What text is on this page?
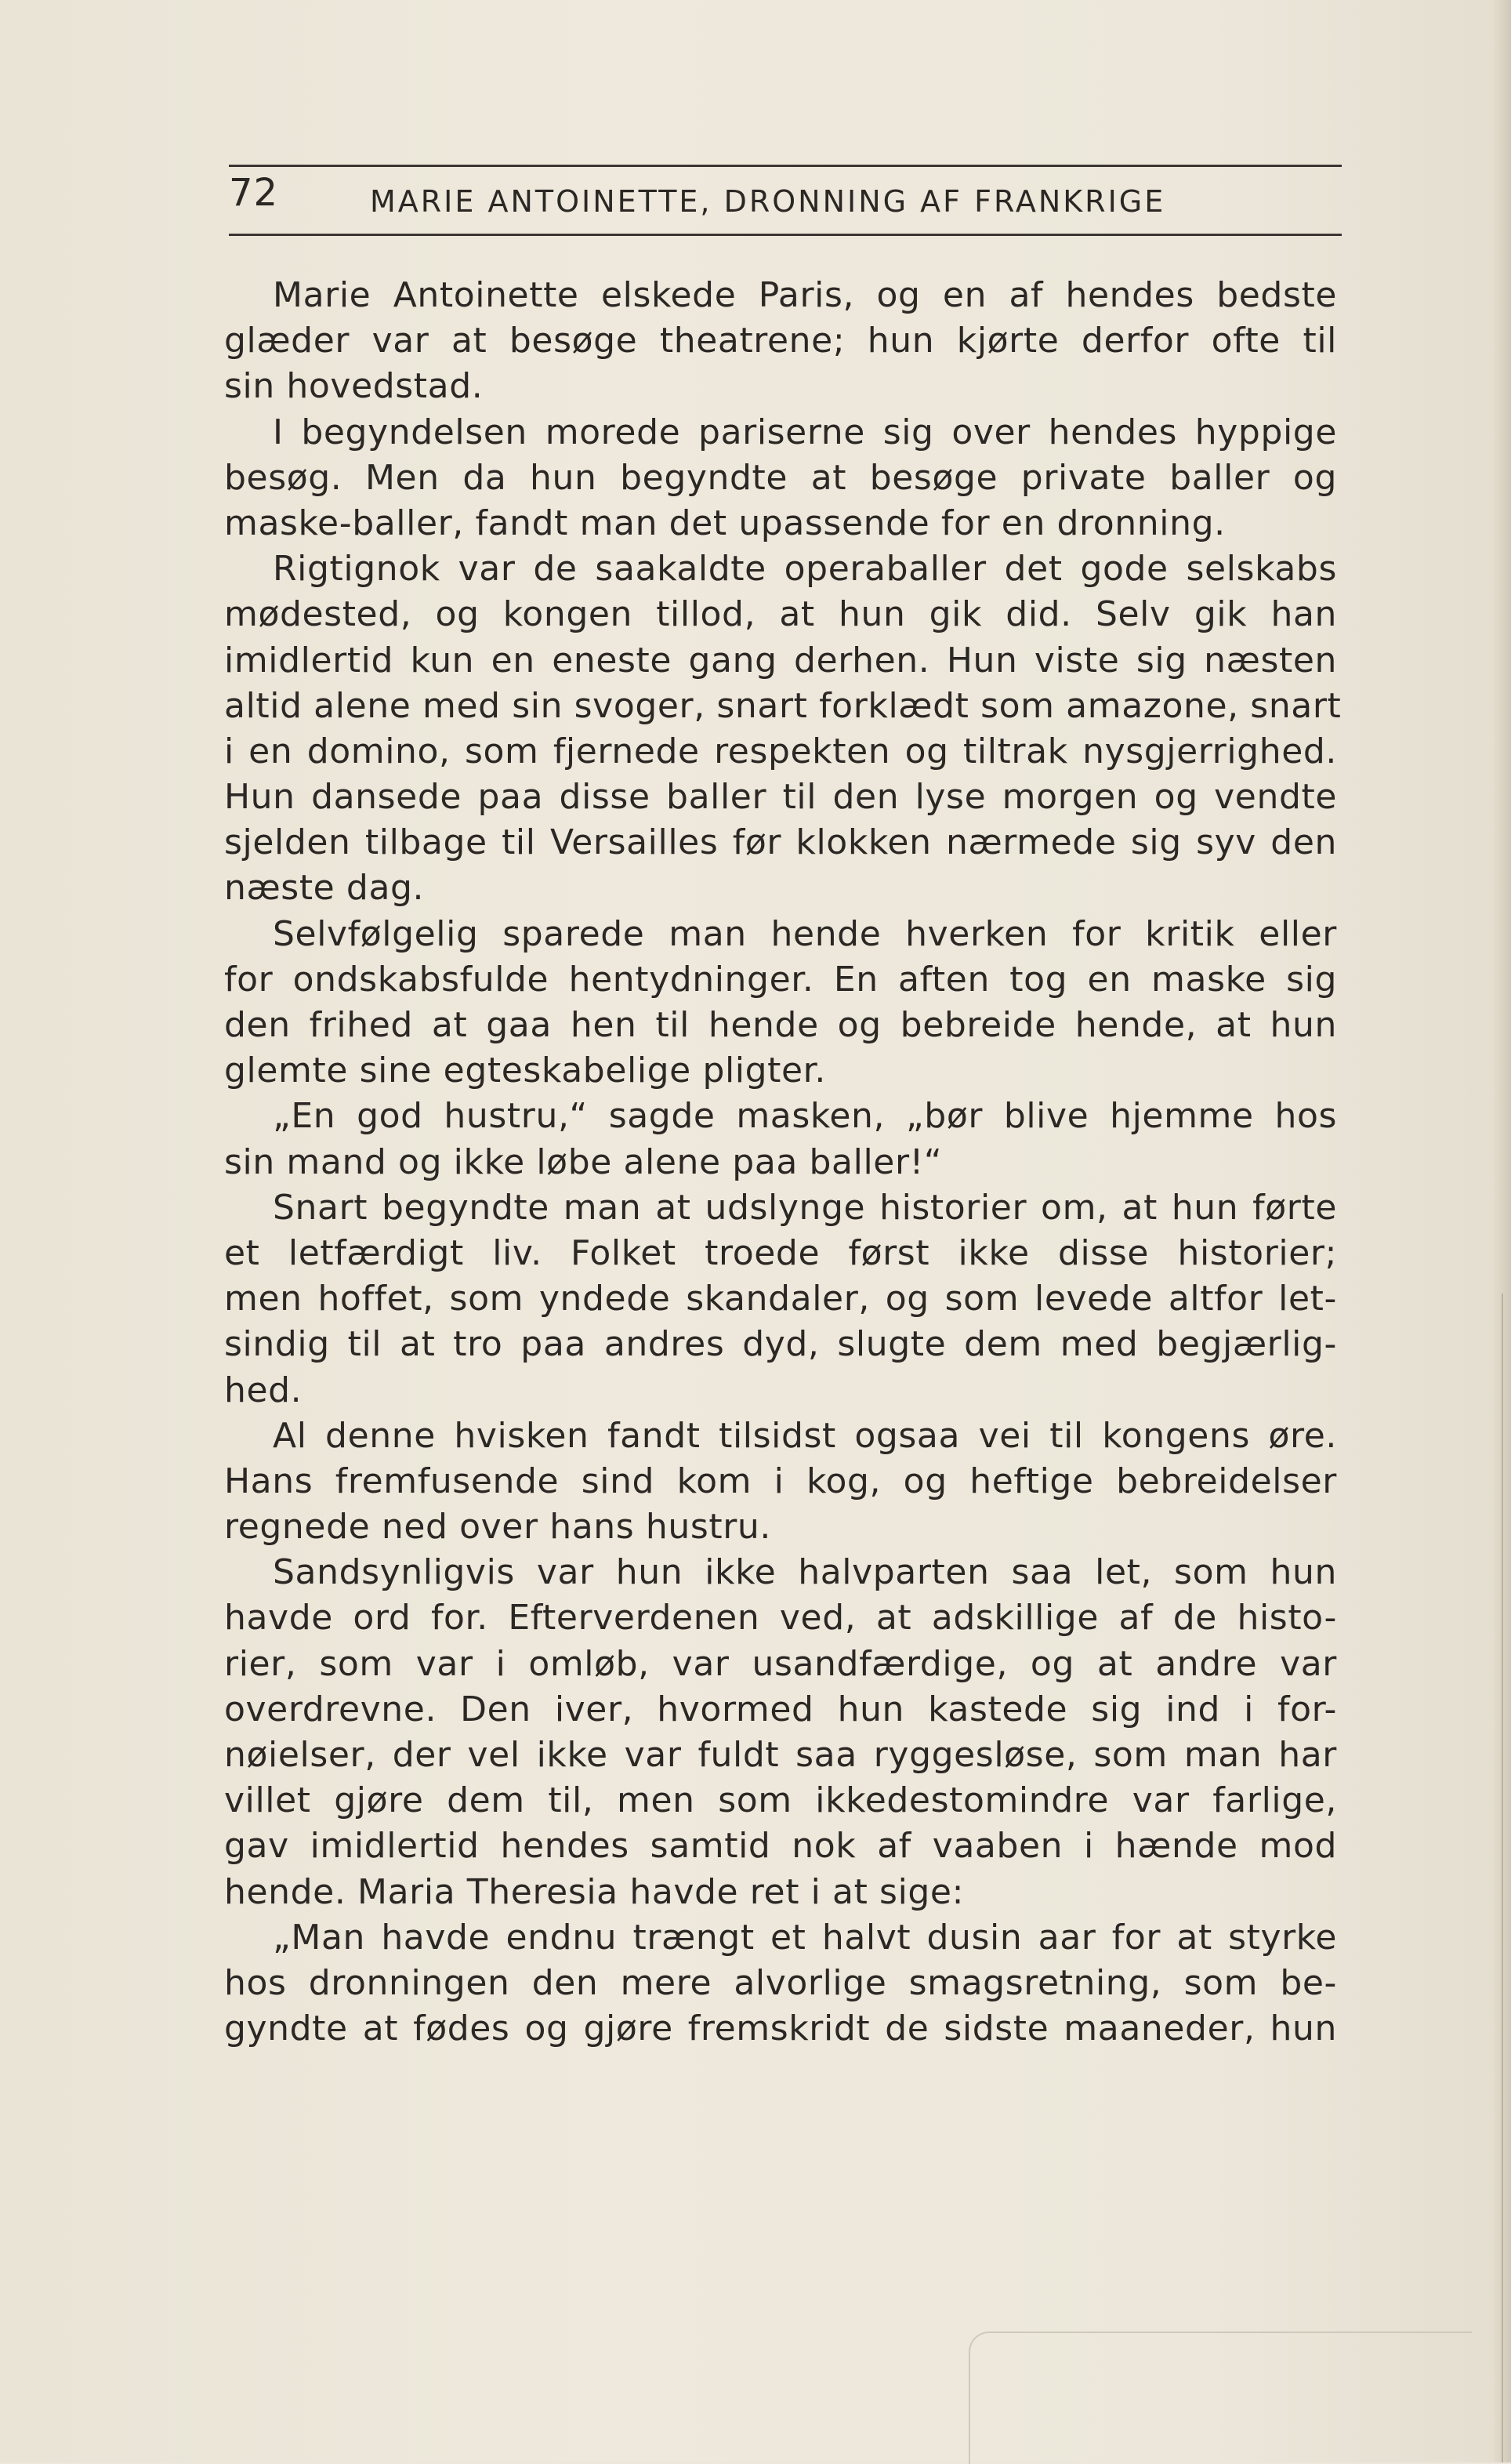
72	MARIE ANTOINETTE, DRONNING AF FRANKRIGE
Marie Antoinette elskede Paris, og en af hendes bedste
glæder var at besøge theatrene; hun kjørte derfor ofte til
sin hovedstad.
I begyndelsen morede pariserne sig over hendes hyppige
besøg. Men da hun begyndte at besøge private baller og
maske-baller, fandt man det upassende for en dronning.
Rigtignok var de saakaldte operaballer det gode selskabs
mødested, og kongen tillod, at hun gik did. Selv gik han
imidlertid kun en eneste gang derhen. Hun viste sig næsten
altid alene med sin svoger, snart forklædt som amazone, snart
i en domino, som fjernede respekten og tiltrak nysgjerrighed.
Hun dansede paa disse baller til den lyse morgen og vendte
sjelden tilbage til Versailles før klokken nærmede sig syv den
næste dag.
Selvfølgelig sparede man hende hverken for kritik eller
for ondskabsfulde hentydninger. En aften tog en maske sig
den frihed at gaa hen til hende og bebreide hende, at hun
glemte sine egteskabelige pligter.
„En god hustru,“ sagde masken, „bør blive hjemme hos
sin mand og ikke løbe alene paa baller!“
Snart begyndte man at udslynge historier om, at hun førte
et letfærdigt liv. Folket troede først ikke disse historier;
men hoffet, som yndede skandaler, og som levede altfor let-
sindig til at tro paa andres dyd, slugte dem med begjærlig-
hed.
Al denne hvisken fandt tilsidst ogsaa vei til kongens øre.
Hans fremfusende sind kom i kog, og heftige bebreidelser
regnede ned over hans hustru.
Sandsynligvis var hun ikke halvparten saa let, som hun
havde ord for. Efterverdenen ved, at adskillige af de histo-
rier, som var i omløb, var usandfærdige, og at andre var
overdrevne. Den iver, hvormed hun kastede sig ind i for-
nøielser, der vel ikke var fuldt saa ryggesløse, som man har
villet gjøre dem til, men som ikkedestomindre var farlige,
gav imidlertid hendes samtid nok af vaaben i hænde mod
hende. Maria Theresia havde ret i at sige:
„Man havde endnu trængt et halvt dusin aar for at styrke
hos dronningen den mere alvorlige smagsretning, som be-
gyndte at fødes og gjøre fremskridt de sidste maaneder, hun
